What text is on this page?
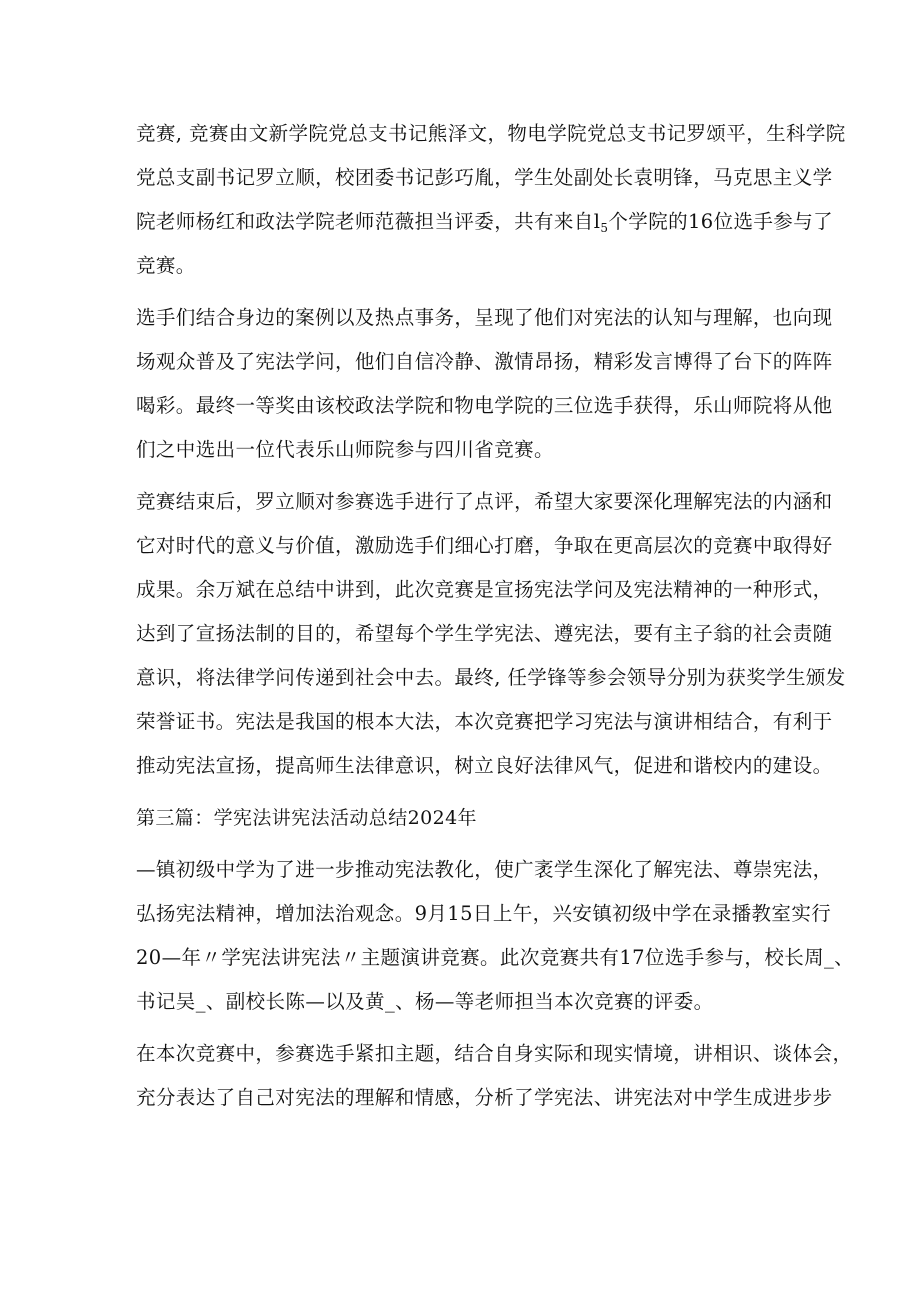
竞赛, 竞赛由文新学院党总支书记熊泽文，物电学院党总支书记罗颂平，生科学院
党总支副书记罗立顺，校团委书记彭巧胤，学生处副处长袁明锋，马克思主义学
院老师杨红和政法学院老师范薇担当评委，共有来自$l_5$个学院的16位选手参与了
竞赛。
选手们结合身边的案例以及热点事务，呈现了他们对宪法的认知与理解，也向现
场观众普及了宪法学问，他们自信冷静、激情昂扬，精彩发言博得了台下的阵阵
喝彩。最终一等奖由该校政法学院和物电学院的三位选手获得，乐山师院将从他
们之中选出一位代表乐山师院参与四川省竞赛。
竞赛结束后，罗立顺对参赛选手进行了点评，希望大家要深化理解宪法的内涵和
它对时代的意义与价值，激励选手们细心打磨，争取在更高层次的竞赛中取得好
成果。余万斌在总结中讲到，此次竞赛是宣扬宪法学问及宪法精神的一种形式，
达到了宣扬法制的目的，希望每个学生学宪法、遵宪法，要有主子翁的社会责随
意识，将法律学问传递到社会中去。最终, 任学锋等参会领导分别为获奖学生颁发
荣誉证书。宪法是我国的根本大法，本次竞赛把学习宪法与演讲相结合，有利于
推动宪法宣扬，提高师生法律意识，树立良好法律风气，促进和谐校内的建设。
第三篇：学宪法讲宪法活动总结2024年
—镇初级中学为了进一步推动宪法教化，使广袤学生深化了解宪法、尊崇宪法，
弘扬宪法精神，增加法治观念。9月15日上午，兴安镇初级中学在录播教室实行
20—年〃学宪法讲宪法〃主题演讲竞赛。此次竞赛共有17位选手参与，校长周_、
书记吴_、副校长陈—以及黄_、杨—等老师担当本次竞赛的评委。
在本次竞赛中，参赛选手紧扣主题，结合自身实际和现实情境，讲相识、谈体会，
充分表达了自己对宪法的理解和情感，分析了学宪法、讲宪法对中学生成进步步
